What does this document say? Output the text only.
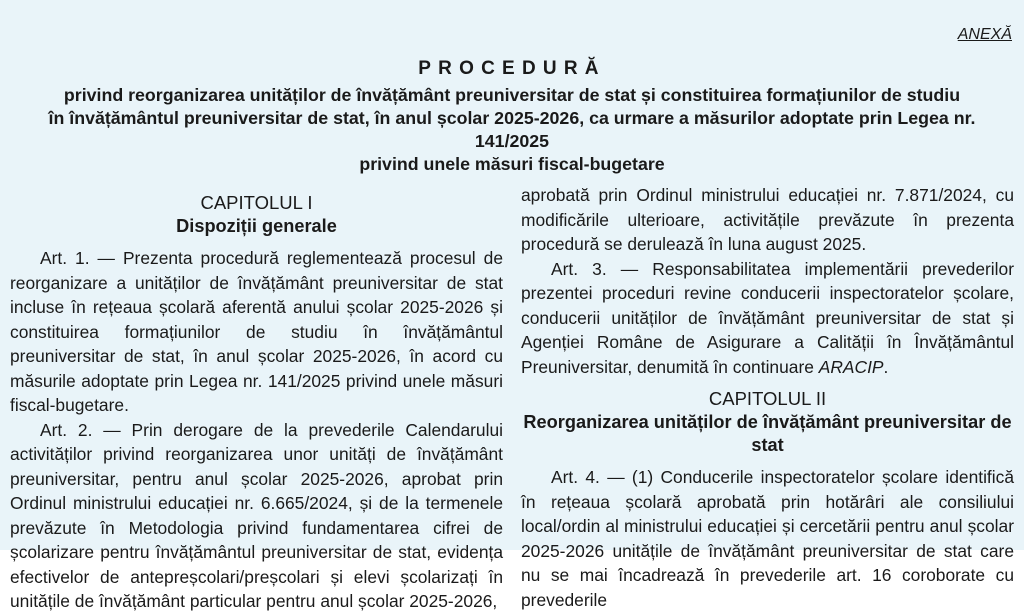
ANEXĂ
PROCEDURĂ
privind reorganizarea unităților de învățământ preuniversitar de stat și constituirea formațiunilor de studiu
în învățământul preuniversitar de stat, în anul școlar 2025-2026, ca urmare a măsurilor adoptate prin Legea nr. 141/2025
privind unele măsuri fiscal-bugetare
CAPITOLUL I
Dispoziții generale

Art. 1. — Prezenta procedură reglementează procesul de reorganizare a unităților de învățământ preuniversitar de stat incluse în rețeaua școlară aferentă anului școlar 2025-2026 și constituirea formațiunilor de studiu în învățământul preuniversitar de stat, în anul școlar 2025-2026, în acord cu măsurile adoptate prin Legea nr. 141/2025 privind unele măsuri fiscal-bugetare.

Art. 2. — Prin derogare de la prevederile Calendarului activităților privind reorganizarea unor unități de învățământ preuniversitar, pentru anul școlar 2025-2026, aprobat prin Ordinul ministrului educației nr. 6.665/2024, și de la termenele prevăzute în Metodologia privind fundamentarea cifrei de școlarizare pentru învățământul preuniversitar de stat, evidența efectivelor de antepreșcolari/preșcolari și elevi școlarizați în unitățile de învățământ particular pentru anul școlar 2025-2026,

aprobată prin Ordinul ministrului educației nr. 7.871/2024, cu modificările ulterioare, activitățile prevăzute în prezenta procedură se derulează în luna august 2025.

Art. 3. — Responsabilitatea implementării prevederilor prezentei proceduri revine conducerii inspectoratelor școlare, conducerii unităților de învățământ preuniversitar de stat și Agenției Române de Asigurare a Calității în Învățământul Preuniversitar, denumită în continuare ARACIP.

CAPITOLUL II
Reorganizarea unităților de învățământ preuniversitar de stat

Art. 4. — (1) Conducerile inspectoratelor școlare identifică în rețeaua școlară aprobată prin hotărâri ale consiliului local/ordin al ministrului educației și cercetării pentru anul școlar 2025-2026 unitățile de învățământ preuniversitar de stat care nu se mai încadrează în prevederile art. 16 coroborate cu prevederile
